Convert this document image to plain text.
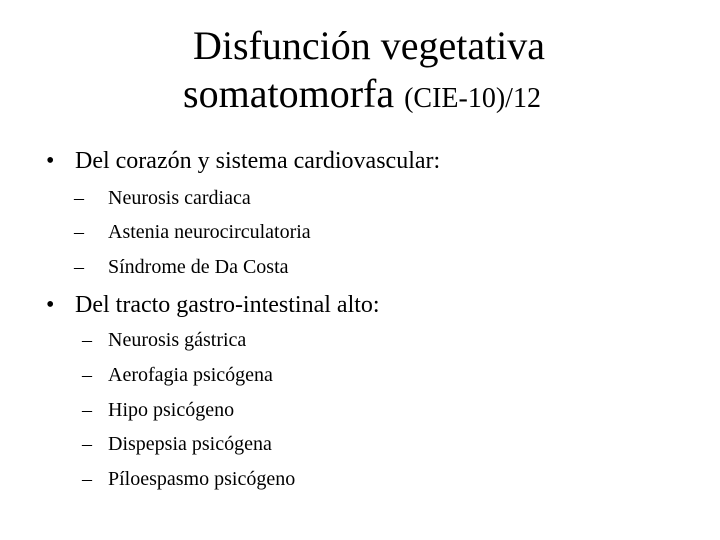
Disfunción vegetativa
somatomorfa (CIE-10)/12
• Del corazón y sistema cardiovascular:
– Neurosis cardiaca
– Astenia neurocirculatoria
– Síndrome de Da Costa
• Del tracto gastro-intestinal alto:
– Neurosis gástrica
– Aerofagia psicógena
– Hipo psicógeno
– Dispepsia psicógena
– Píloespasmo psicógeno
